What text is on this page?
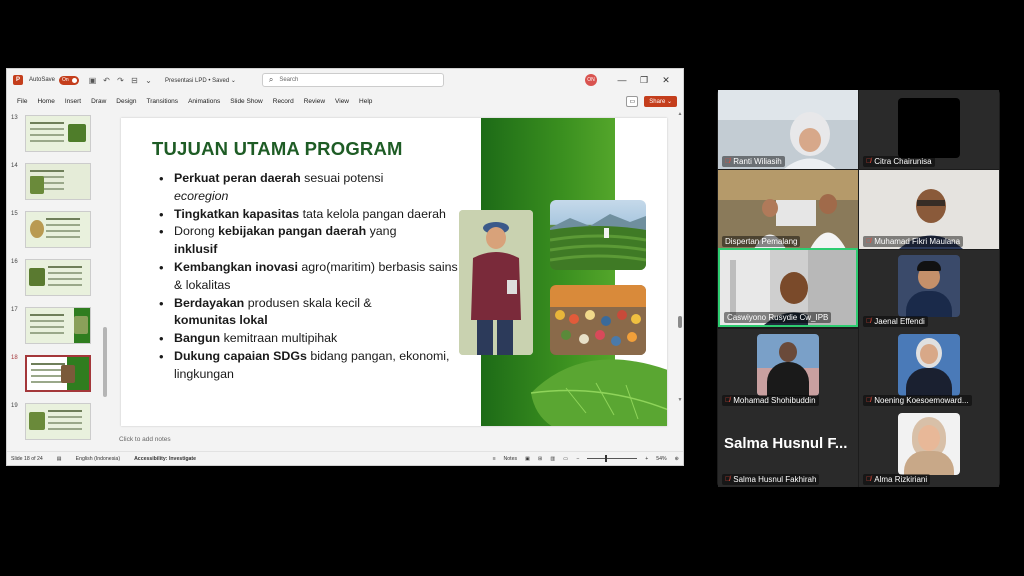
P	AutoSave	On	▣ ↶ ↷ ⊟ ⌄	Presentasi LPD • Saved ⌄	⌕ Search	ON	—	❐	✕
File Home Insert Draw Design Transitions Animations Slide Show Record Review View Help	▭	Share ⌄
13
14
15
16
17
18
19
TUJUAN UTAMA PROGRAM
• Perkuat peran daerah sesuai potensi
ecoregion
• Tingkatkan kapasitas tata kelola pangan daerah
• Dorong kebijakan pangan daerah yang
inklusif
• Kembangkan inovasi agro(maritim) berbasis sains & lokalitas
• Berdayakan produsen skala kecil &
komunitas lokal
• Bangun kemitraan multipihak
• Dukung capaian SDGs bidang pangan, ekonomi, lingkungan
Click to add notes
▲
▼
Slide 18 of 24	▤	English (Indonesia)	Accessibility: Investigate	≡ Notes ▣ ⊞ ▥ ▭ −	+ 54% ⊕
🎙̸ Ranti Wiliasih	🎙̸ Citra Chairunisa
Dispertan Pemalang	🎙̸ Muhamad Fikri Maulana
Caswiyono Rusydie Cw_IPB	🎙̸ Jaenal Effendi
🎙̸ Mohamad Shohibuddin	🎙̸ Noening Koesoemoward...
Salma Husnul F...
🎙̸ Salma Husnul Fakhirah	🎙̸ Alma Rizkiriani
